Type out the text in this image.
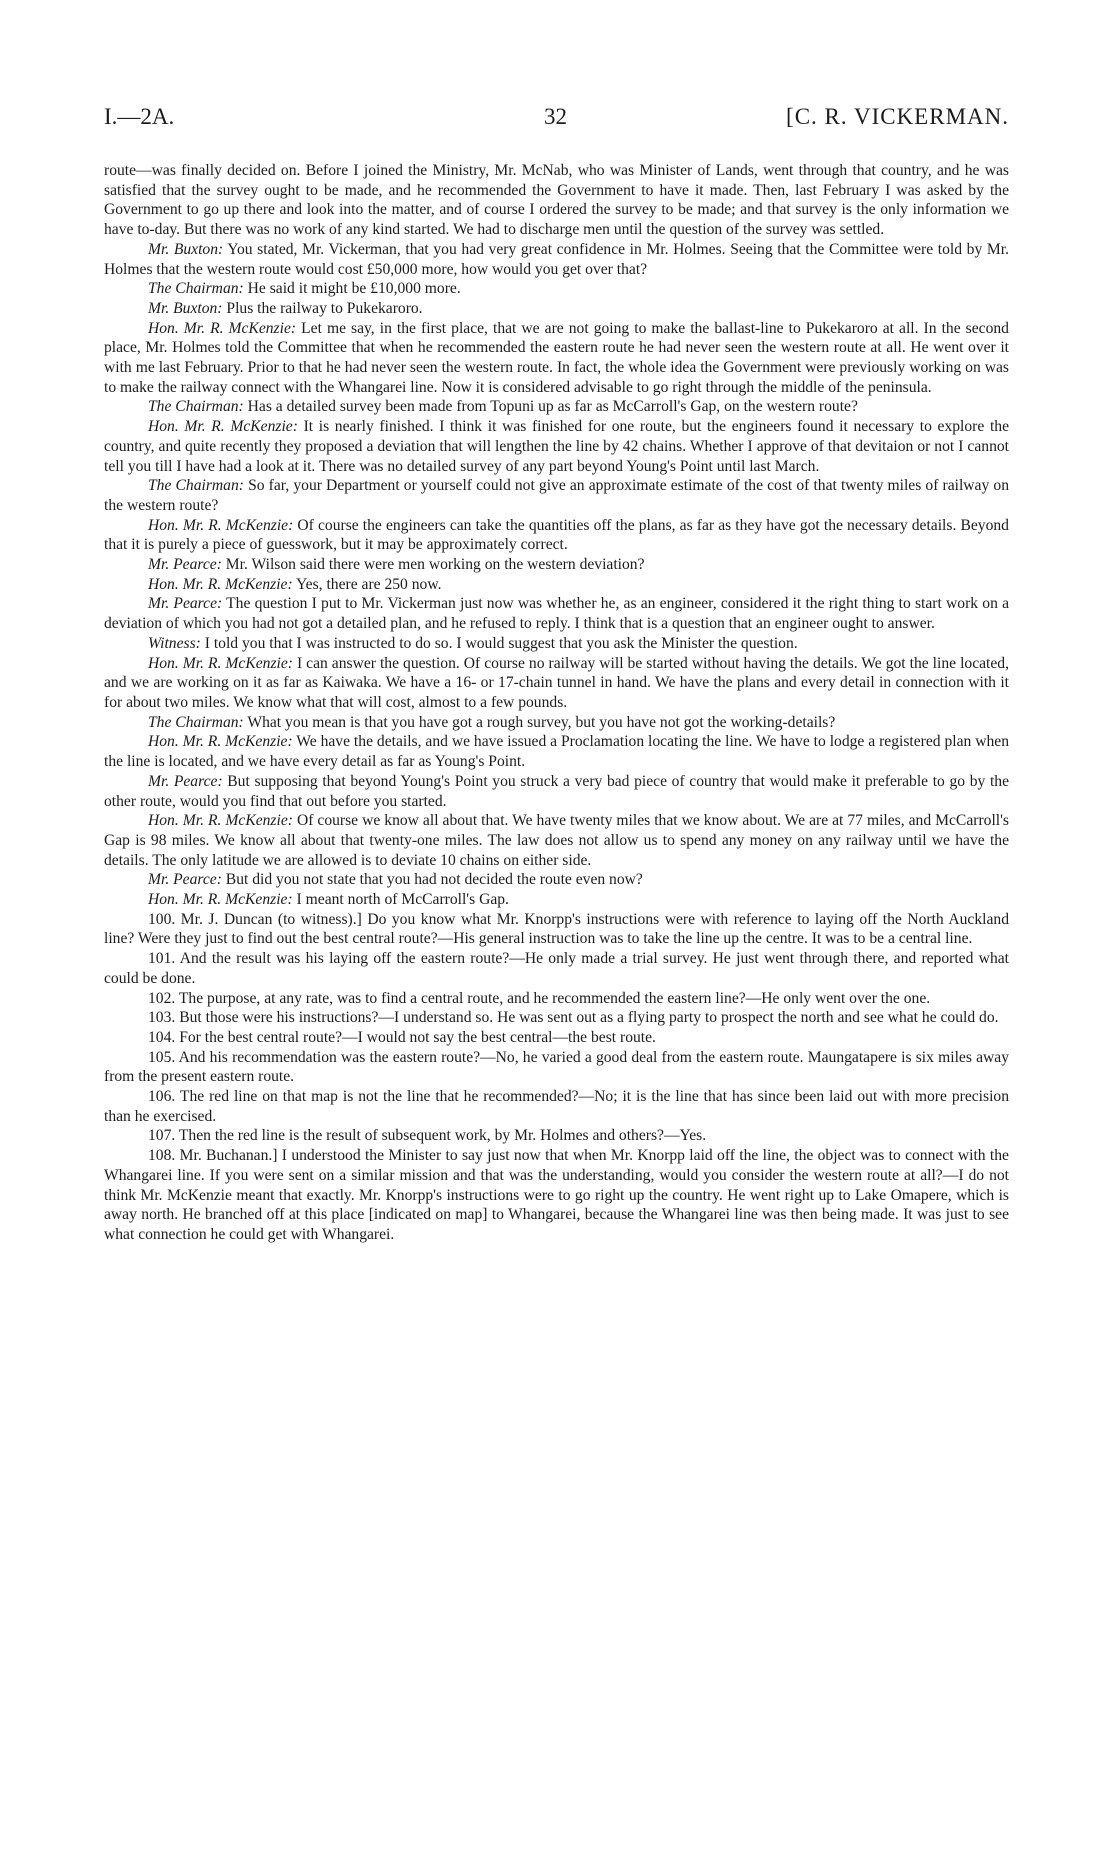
I.—2A.	32	[C. R. VICKERMAN.

route—was finally decided on. Before I joined the Ministry, Mr. McNab, who was Minister of Lands, went through that country, and he was satisfied that the survey ought to be made, and he recommended the Government to have it made. Then, last February I was asked by the Government to go up there and look into the matter, and of course I ordered the survey to be made; and that survey is the only information we have to-day. But there was no work of any kind started. We had to discharge men until the question of the survey was settled.

Mr. Buxton: You stated, Mr. Vickerman, that you had very great confidence in Mr. Holmes. Seeing that the Committee were told by Mr. Holmes that the western route would cost £50,000 more, how would you get over that?

The Chairman: He said it might be £10,000 more.

Mr. Buxton: Plus the railway to Pukekaroro.

Hon. Mr. R. McKenzie: Let me say, in the first place, that we are not going to make the ballast-line to Pukekaroro at all. In the second place, Mr. Holmes told the Committee that when he recommended the eastern route he had never seen the western route at all. He went over it with me last February. Prior to that he had never seen the western route. In fact, the whole idea the Government were previously working on was to make the railway connect with the Whangarei line. Now it is considered advisable to go right through the middle of the peninsula.

The Chairman: Has a detailed survey been made from Topuni up as far as McCarroll's Gap, on the western route?

Hon. Mr. R. McKenzie: It is nearly finished. I think it was finished for one route, but the engineers found it necessary to explore the country, and quite recently they proposed a deviation that will lengthen the line by 42 chains. Whether I approve of that devitaion or not I cannot tell you till I have had a look at it. There was no detailed survey of any part beyond Young's Point until last March.

The Chairman: So far, your Department or yourself could not give an approximate estimate of the cost of that twenty miles of railway on the western route?

Hon. Mr. R. McKenzie: Of course the engineers can take the quantities off the plans, as far as they have got the necessary details. Beyond that it is purely a piece of guesswork, but it may be approximately correct.

Mr. Pearce: Mr. Wilson said there were men working on the western deviation?

Hon. Mr. R. McKenzie: Yes, there are 250 now.

Mr. Pearce: The question I put to Mr. Vickerman just now was whether he, as an engineer, considered it the right thing to start work on a deviation of which you had not got a detailed plan, and he refused to reply. I think that is a question that an engineer ought to answer.

Witness: I told you that I was instructed to do so. I would suggest that you ask the Minister the question.

Hon. Mr. R. McKenzie: I can answer the question. Of course no railway will be started without having the details. We got the line located, and we are working on it as far as Kaiwaka. We have a 16- or 17-chain tunnel in hand. We have the plans and every detail in connection with it for about two miles. We know what that will cost, almost to a few pounds.

The Chairman: What you mean is that you have got a rough survey, but you have not got the working-details?

Hon. Mr. R. McKenzie: We have the details, and we have issued a Proclamation locating the line. We have to lodge a registered plan when the line is located, and we have every detail as far as Young's Point.

Mr. Pearce: But supposing that beyond Young's Point you struck a very bad piece of country that would make it preferable to go by the other route, would you find that out before you started.

Hon. Mr. R. McKenzie: Of course we know all about that. We have twenty miles that we know about. We are at 77 miles, and McCarroll's Gap is 98 miles. We know all about that twenty-one miles. The law does not allow us to spend any money on any railway until we have the details. The only latitude we are allowed is to deviate 10 chains on either side.

Mr. Pearce: But did you not state that you had not decided the route even now?

Hon. Mr. R. McKenzie: I meant north of McCarroll's Gap.

100. Mr. J. Duncan (to witness).] Do you know what Mr. Knorpp's instructions were with reference to laying off the North Auckland line? Were they just to find out the best central route?—His general instruction was to take the line up the centre. It was to be a central line.

101. And the result was his laying off the eastern route?—He only made a trial survey. He just went through there, and reported what could be done.

102. The purpose, at any rate, was to find a central route, and he recommended the eastern line?—He only went over the one.

103. But those were his instructions?—I understand so. He was sent out as a flying party to prospect the north and see what he could do.

104. For the best central route?—I would not say the best central—the best route.

105. And his recommendation was the eastern route?—No, he varied a good deal from the eastern route. Maungatapere is six miles away from the present eastern route.

106. The red line on that map is not the line that he recommended?—No; it is the line that has since been laid out with more precision than he exercised.

107. Then the red line is the result of subsequent work, by Mr. Holmes and others?—Yes.

108. Mr. Buchanan.] I understood the Minister to say just now that when Mr. Knorpp laid off the line, the object was to connect with the Whangarei line. If you were sent on a similar mission and that was the understanding, would you consider the western route at all?—I do not think Mr. McKenzie meant that exactly. Mr. Knorpp's instructions were to go right up the country. He went right up to Lake Omapere, which is away north. He branched off at this place [indicated on map] to Whangarei, because the Whangarei line was then being made. It was just to see what connection he could get with Whangarei.
